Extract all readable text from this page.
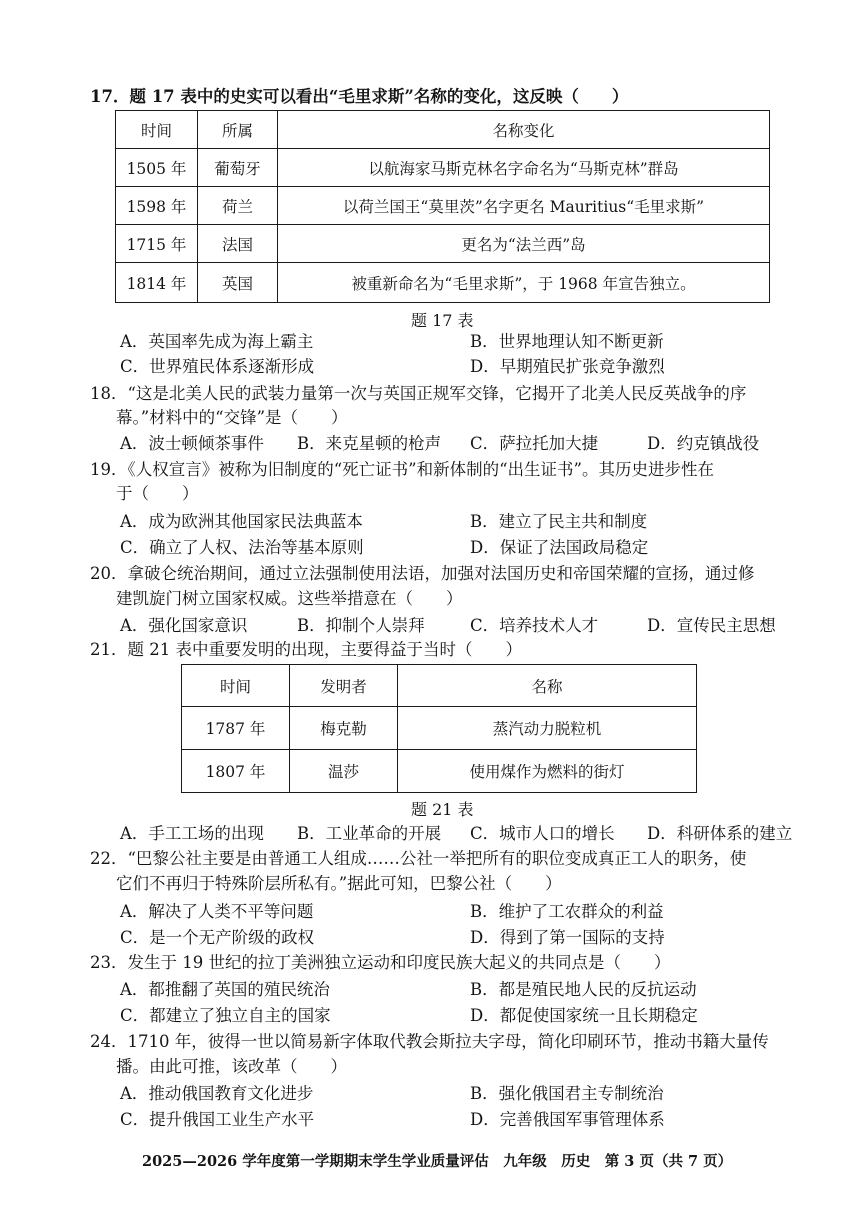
17．题 17 表中的史实可以看出“毛里求斯”名称的变化，这反映（　　）
时间	所属	名称变化
1505 年	葡萄牙	以航海家马斯克林名字命名为“马斯克林”群岛
1598 年	荷兰	以荷兰国王“莫里茨”名字更名 Mauritius“毛里求斯”
1715 年	法国	更名为“法兰西”岛
1814 年	英国	被重新命名为“毛里求斯”，于 1968 年宣告独立。
题 17 表
A．英国率先成为海上霸主	B．世界地理认知不断更新
C．世界殖民体系逐渐形成	D．早期殖民扩张竞争激烈
18．“这是北美人民的武装力量第一次与英国正规军交锋，它揭开了北美人民反英战争的序
幕。”材料中的“交锋”是（　　）
A．波士顿倾茶事件 B．来克星顿的枪声 C．萨拉托加大捷	D．约克镇战役
19．《人权宣言》被称为旧制度的“死亡证书”和新体制的“出生证书”。其历史进步性在
于（　　）
A．成为欧洲其他国家民法典蓝本	B．建立了民主共和制度
C．确立了人权、法治等基本原则	D．保证了法国政局稳定
20．拿破仑统治期间，通过立法强制使用法语，加强对法国历史和帝国荣耀的宣扬，通过修
建凯旋门树立国家权威。这些举措意在（　　）
A．强化国家意识	B．抑制个人崇拜	C．培养技术人才	D．宣传民主思想
21．题 21 表中重要发明的出现，主要得益于当时（　　）
时间	发明者	名称
1787 年	梅克勒	蒸汽动力脱粒机
1807 年	温莎	使用煤作为燃料的街灯
题 21 表
A．手工工场的出现 B．工业革命的开展 C．城市人口的增长 D．科研体系的建立
22．“巴黎公社主要是由普通工人组成……公社一举把所有的职位变成真正工人的职务，使
它们不再归于特殊阶层所私有。”据此可知，巴黎公社（　　）
A．解决了人类不平等问题	B．维护了工农群众的利益
C．是一个无产阶级的政权	D．得到了第一国际的支持
23．发生于 19 世纪的拉丁美洲独立运动和印度民族大起义的共同点是（　　）
A．都推翻了英国的殖民统治	B．都是殖民地人民的反抗运动
C．都建立了独立自主的国家	D．都促使国家统一且长期稳定
24．1710 年，彼得一世以简易新字体取代教会斯拉夫字母，简化印刷环节，推动书籍大量传
播。由此可推，该改革（　　）
A．推动俄国教育文化进步	B．强化俄国君主专制统治
C．提升俄国工业生产水平	D．完善俄国军事管理体系
2025—2026 学年度第一学期期末学生学业质量评估　九年级　历史　第 3 页（共 7 页）
